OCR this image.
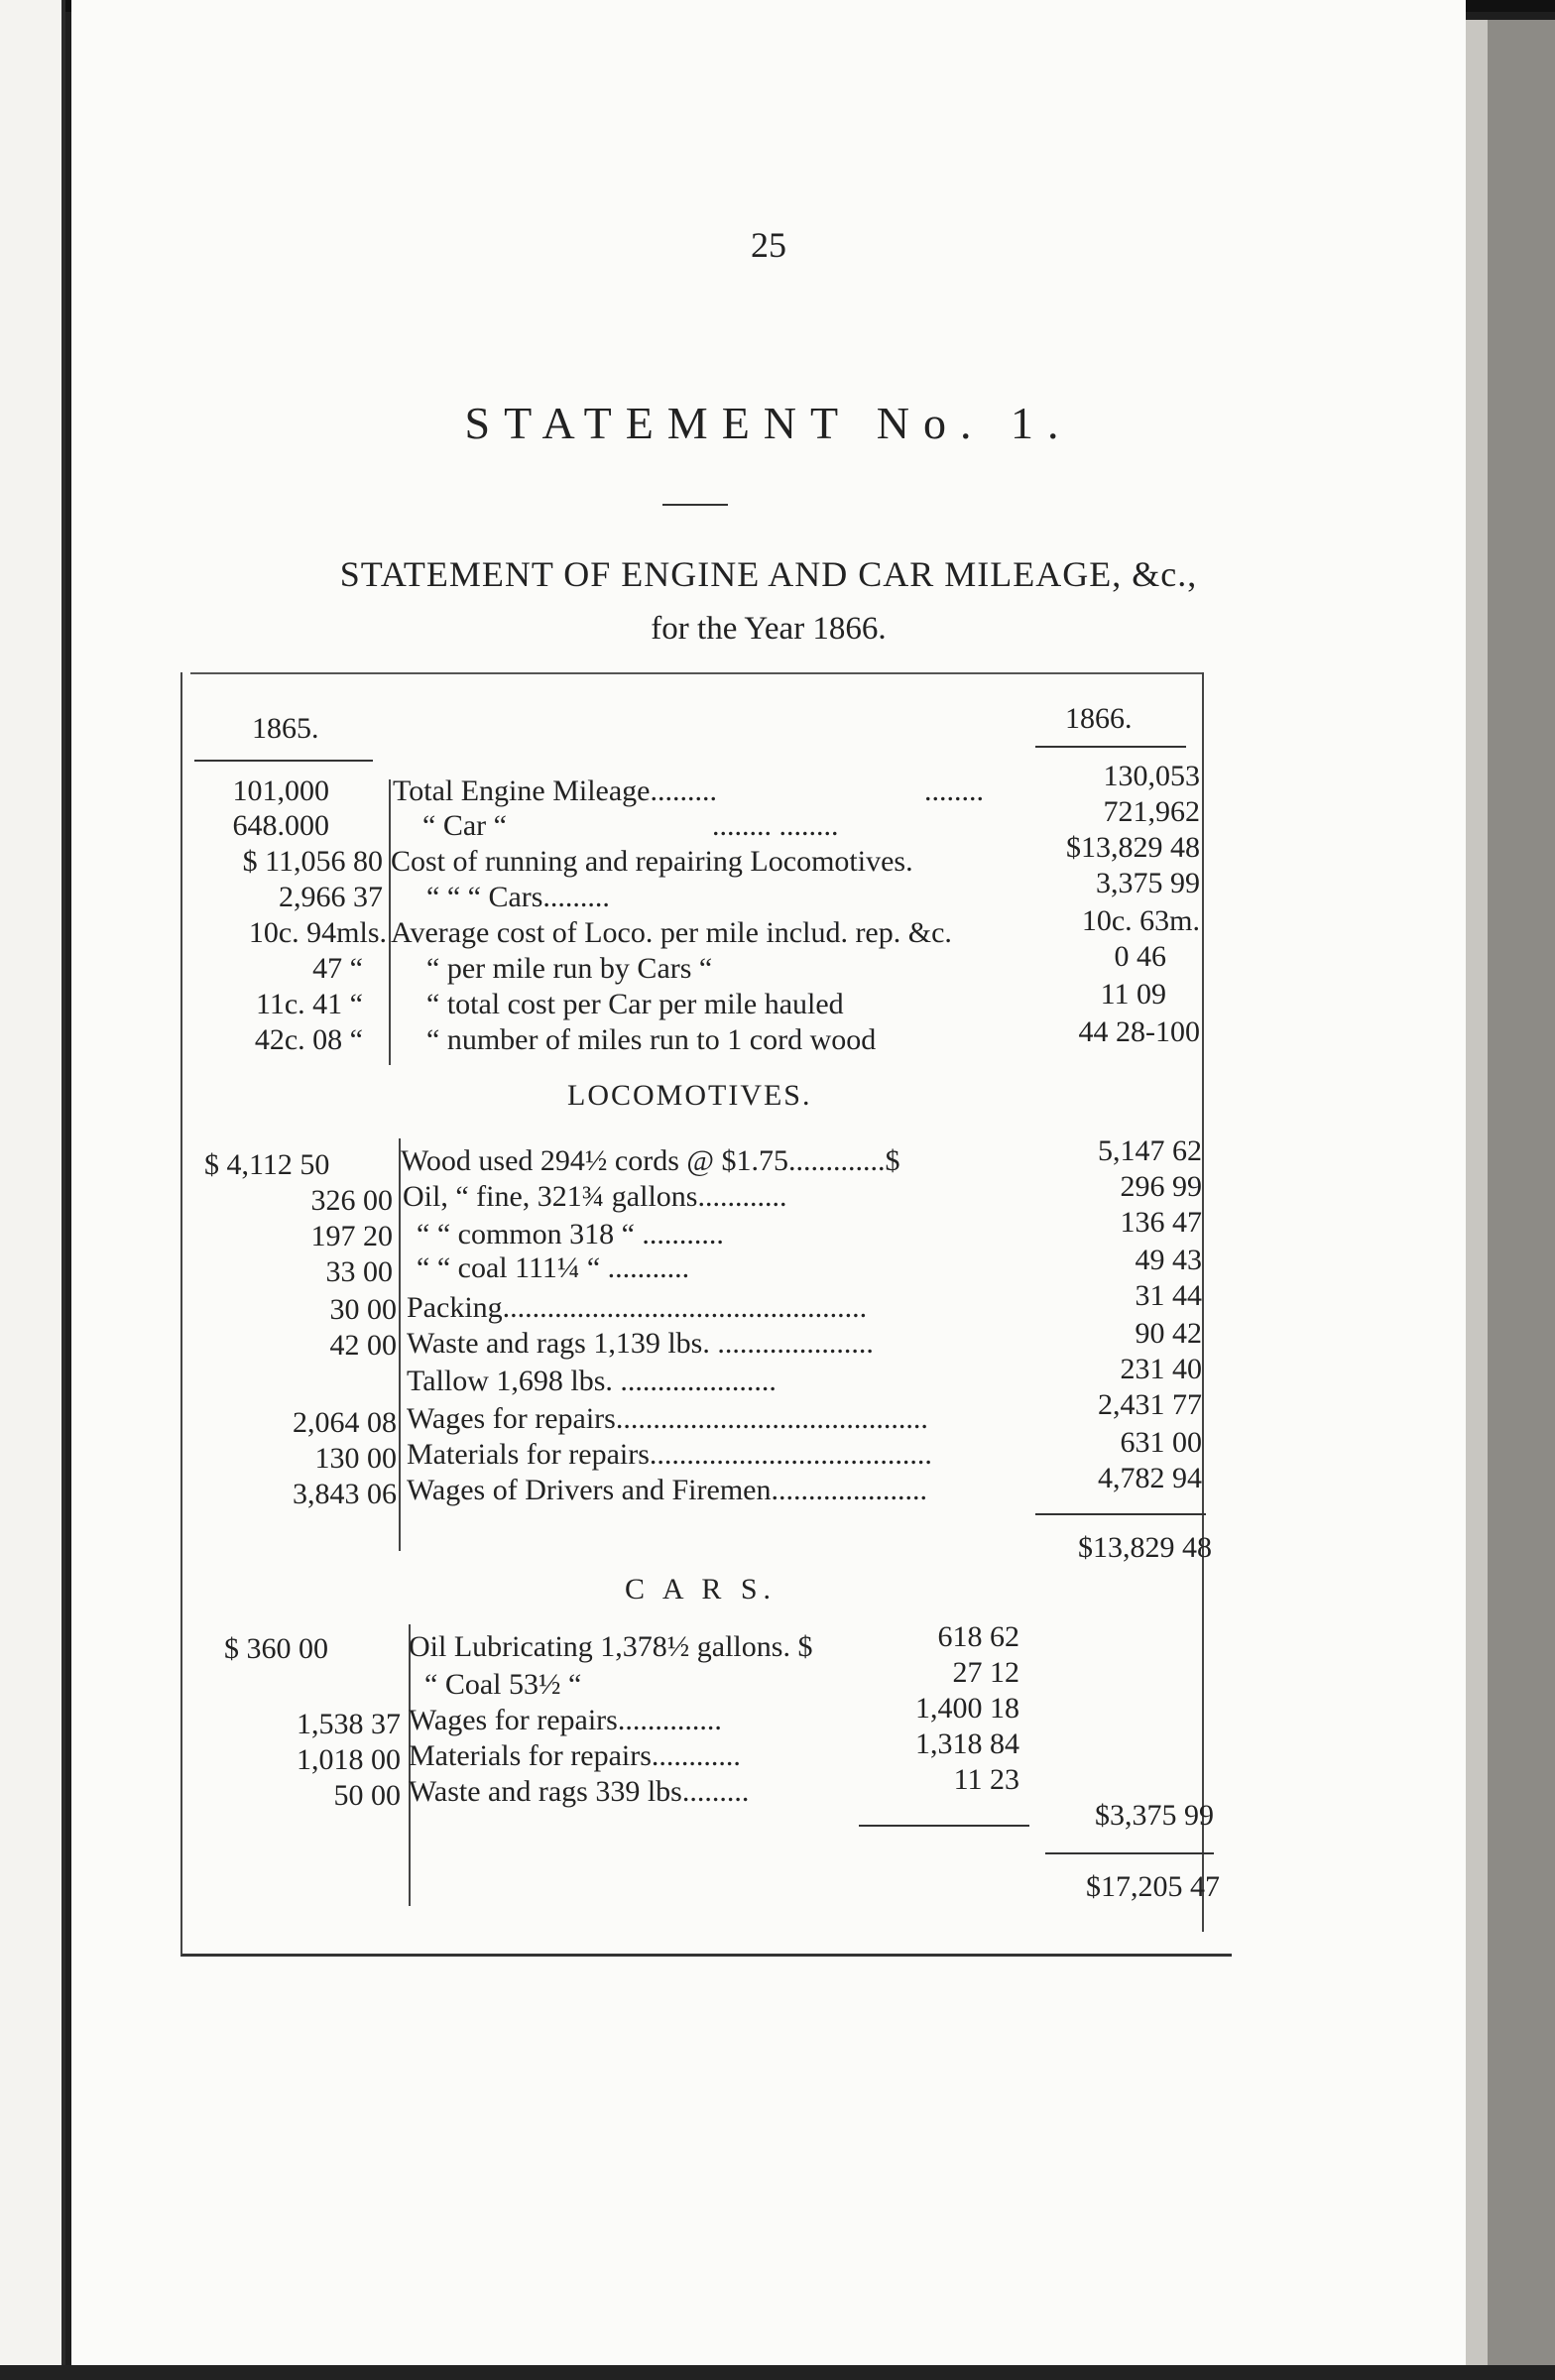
25
STATEMENT No. 1.
STATEMENT OF ENGINE AND CAR MILEAGE, &c.,
for the Year 1866.
1865.	1866.
101,000 Total Engine Mileage.........	........	130,053
648.000	“ Car “	........ ........	721,962
$ 11,056 80 Cost of running and repairing Locomotives.	$13,829 48
2,966 37 “ “ “ Cars.........	3,375 99
10c. 94mls. Average cost of Loco. per mile includ. rep. &c.	10c. 63m.
47 “ “ per mile run by Cars “	0 46
11c. 41 “ “ total cost per Car per mile hauled	11 09
42c. 08 “ “ number of miles run to 1 cord wood	44 28-100
LOCOMOTIVES.
$ 4,112 50 Wood used 294½ cords @ $1.75.............$	5,147 62
326 00 Oil, “ fine, 321¾ gallons............	296 99
197 20 “ “ common 318 “ ...........	136 47
33 00 “ “ coal 111¼ “ ...........	49 43
30 00 Packing.................................................	31 44
42 00 Waste and rags 1,139 lbs. .....................	90 42
Tallow 1,698 lbs. .....................	231 40
2,064 08 Wages for repairs..........................................	2,431 77
130 00 Materials for repairs......................................	631 00
3,843 06 Wages of Drivers and Firemen.....................	4,782 94
$13,829 48
C A R S.
$ 360 00	Oil Lubricating 1,378½ gallons. $	618 62
“ Coal 53½ “	27 12
1,538 37 Wages for repairs..............	1,400 18
1,018 00 Materials for repairs............	1,318 84
50 00 Waste and rags 339 lbs.........	11 23
$3,375 99
$17,205 47
